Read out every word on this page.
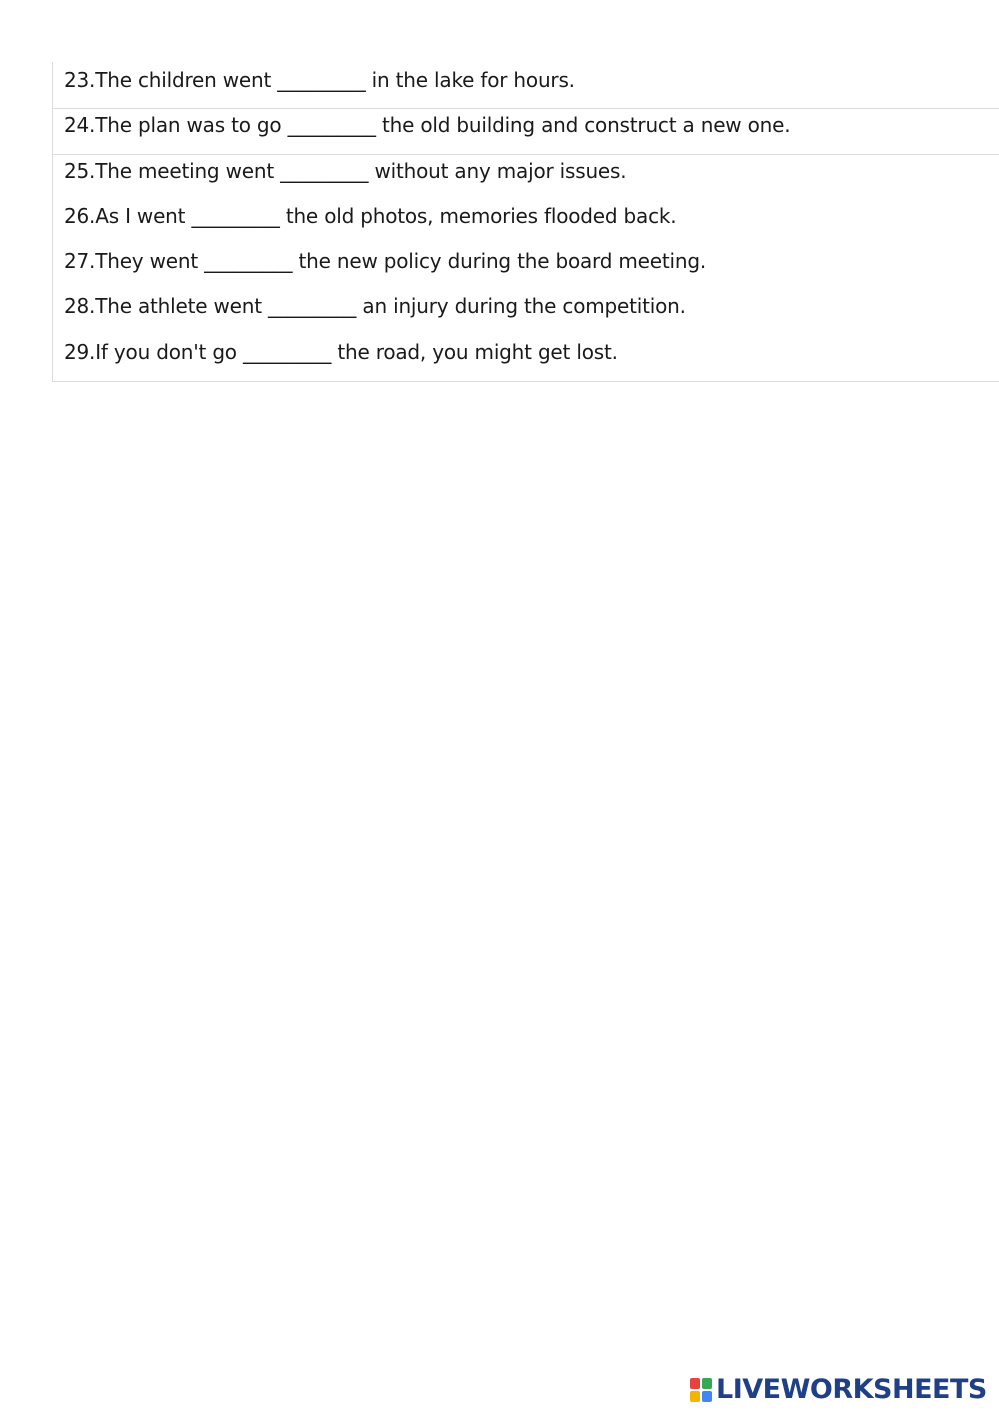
23.The children went _________ in the lake for hours.
24.The plan was to go _________ the old building and construct a new one.
25.The meeting went _________ without any major issues.
26.As I went _________ the old photos, memories flooded back.
27.They went _________ the new policy during the board meeting.
28.The athlete went _________ an injury during the competition.
29.If you don't go _________ the road, you might get lost.
LIVEWORKSHEETS
